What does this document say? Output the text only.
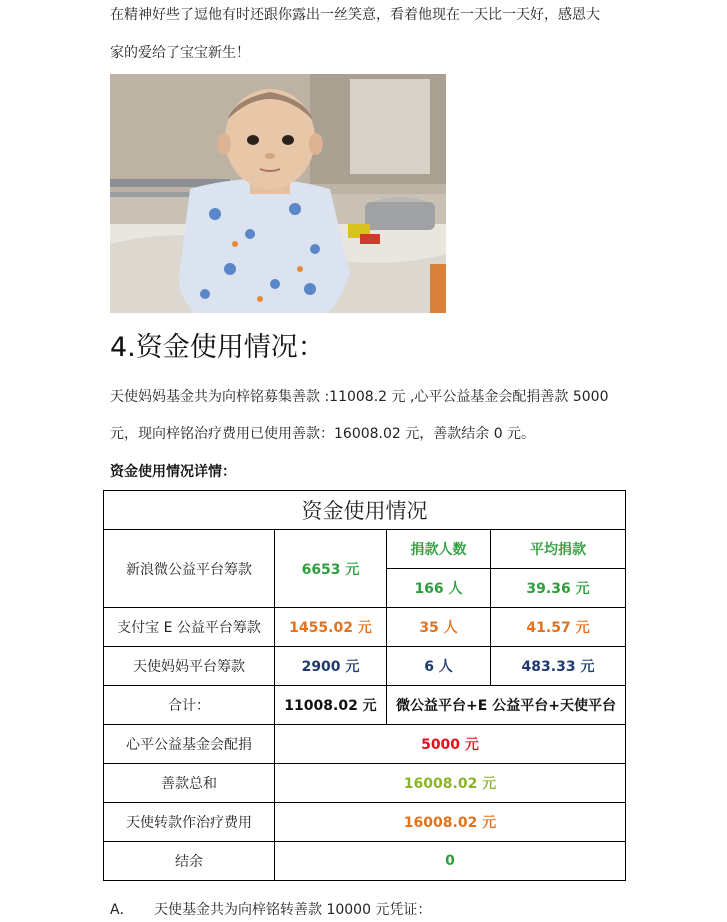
在精神好些了逗他有时还跟你露出一丝笑意，看着他现在一天比一天好，感恩大

家的爱给了宝宝新生！

4.资金使用情况：

天使妈妈基金共为向梓铭募集善款 :11008.2 元 ,心平公益基金会配捐善款 5000

元，现向梓铭治疗费用已使用善款：16008.02 元，善款结余 0 元。

资金使用情况详情：

资金使用情况			
新浪微公益平台筹款	6653 元	捐款人数	平均捐款
		166 人	39.36 元
支付宝 E 公益平台筹款	1455.02 元	35 人	41.57 元
天使妈妈平台筹款	2900 元	6 人	483.33 元
合计：	11008.02 元	微公益平台+E 公益平台+天使平台	
心平公益基金会配捐	5000 元		
善款总和	16008.02 元		
天使转款作治疗费用	16008.02 元		
结余	0		

A． 天使基金共为向梓铭转善款 10000 元凭证：
